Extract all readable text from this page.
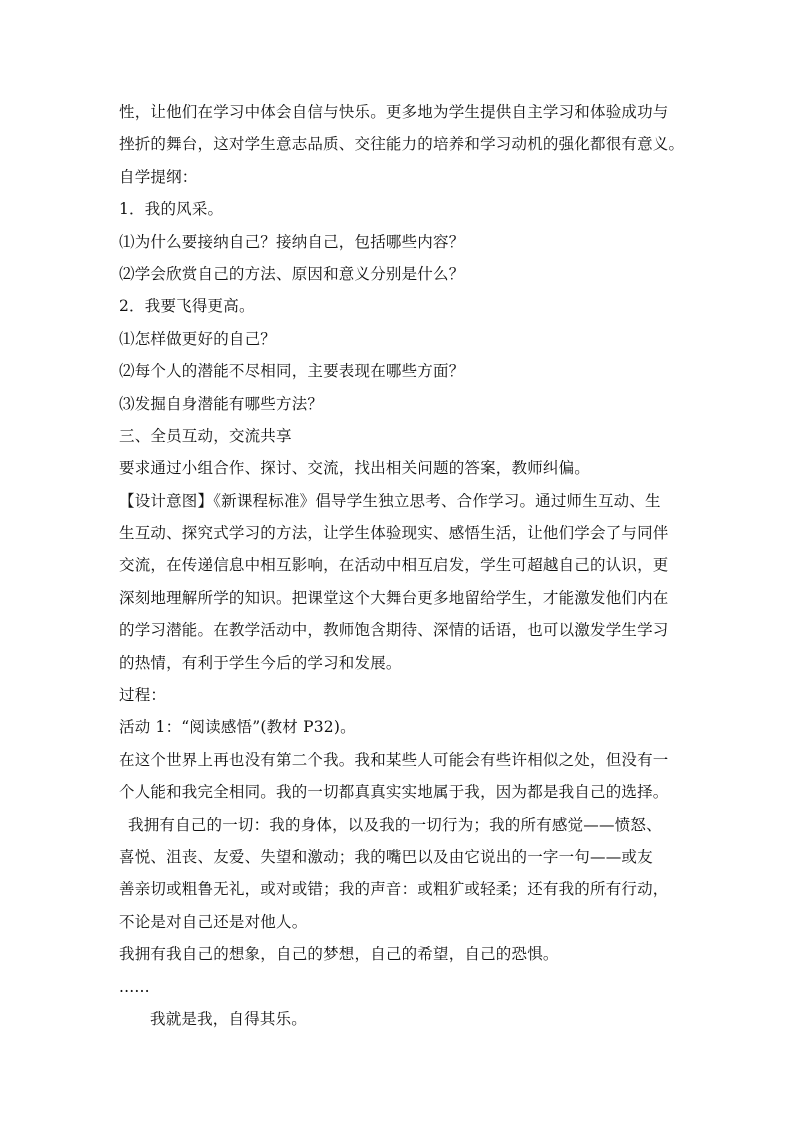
性，让他们在学习中体会自信与快乐。更多地为学生提供自主学习和体验成功与
挫折的舞台，这对学生意志品质、交往能力的培养和学习动机的强化都很有意义。
自学提纲：
1．我的风采。
⑴为什么要接纳自己？接纳自己，包括哪些内容？
⑵学会欣赏自己的方法、原因和意义分别是什么？
2．我要飞得更高。
⑴怎样做更好的自己？
⑵每个人的潜能不尽相同，主要表现在哪些方面？
⑶发掘自身潜能有哪些方法？
三、全员互动，交流共享
要求通过小组合作、探讨、交流，找出相关问题的答案，教师纠偏。
【设计意图】《新课程标准》倡导学生独立思考、合作学习。通过师生互动、生
生互动、探究式学习的方法，让学生体验现实、感悟生活，让他们学会了与同伴
交流，在传递信息中相互影响，在活动中相互启发，学生可超越自己的认识，更
深刻地理解所学的知识。把课堂这个大舞台更多地留给学生，才能激发他们内在
的学习潜能。在教学活动中，教师饱含期待、深情的话语，也可以激发学生学习
的热情，有利于学生今后的学习和发展。
过程：
活动 1：“阅读感悟”(教材 P32)。
在这个世界上再也没有第二个我。我和某些人可能会有些许相似之处，但没有一
个人能和我完全相同。我的一切都真真实实地属于我，因为都是我自己的选择。
我拥有自己的一切：我的身体，以及我的一切行为；我的所有感觉——愤怒、
喜悦、沮丧、友爱、失望和激动；我的嘴巴以及由它说出的一字一句——或友
善亲切或粗鲁无礼，或对或错；我的声音：或粗犷或轻柔；还有我的所有行动，
不论是对自己还是对他人。
我拥有我自己的想象，自己的梦想，自己的希望，自己的恐惧。
......
我就是我，自得其乐。
